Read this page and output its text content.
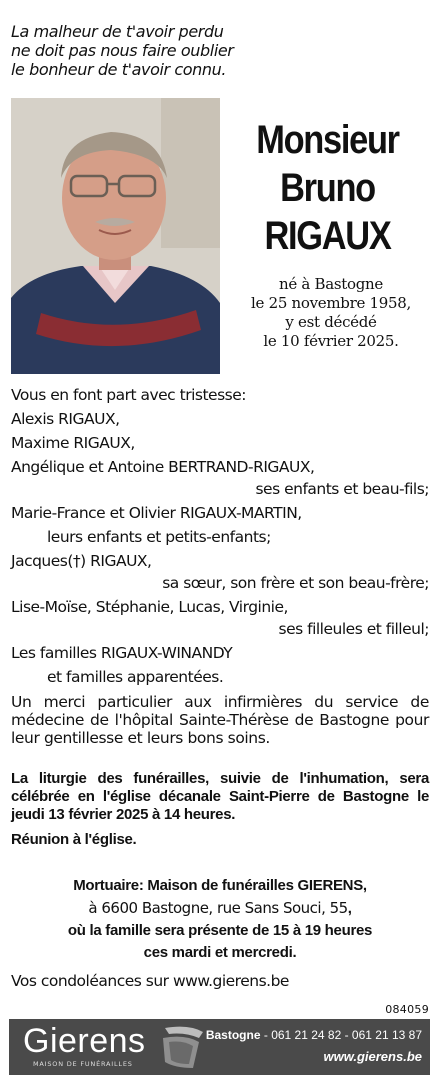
La malheur de t'avoir perdu
ne doit pas nous faire oublier
le bonheur de t'avoir connu.
Monsieur
Bruno
RIGAUX
né à Bastogne
le 25 novembre 1958,
y est décédé
le 10 février 2025.
Vous en font part avec tristesse:
Alexis RIGAUX,
Maxime RIGAUX,
Angélique et Antoine BERTRAND-RIGAUX,
ses enfants et beau-fils;
Marie-France et Olivier RIGAUX-MARTIN,
leurs enfants et petits-enfants;
Jacques(†) RIGAUX,
sa sœur, son frère et son beau-frère;
Lise-Moïse, Stéphanie, Lucas, Virginie,
ses filleules et filleul;
Les familles RIGAUX-WINANDY
et familles apparentées.
Un merci particulier aux infirmières du service de médecine de l'hôpital Sainte-Thérèse de Bastogne pour leur gentillesse et leurs bons soins.
La liturgie des funérailles, suivie de l'inhumation, sera célébrée en l'église décanale Saint-Pierre de Bastogne le jeudi 13 février 2025 à 14 heures.
Réunion à l'église.
Mortuaire: Maison de funérailles GIERENS,
à 6600 Bastogne, rue Sans Souci, 55,
où la famille sera présente de 15 à 19 heures
ces mardi et mercredi.
Vos condoléances sur www.gierens.be
084059
Gierens
MAISON DE FUNÉRAILLES
Bastogne - 061 21 24 82 - 061 21 13 87
www.gierens.be
